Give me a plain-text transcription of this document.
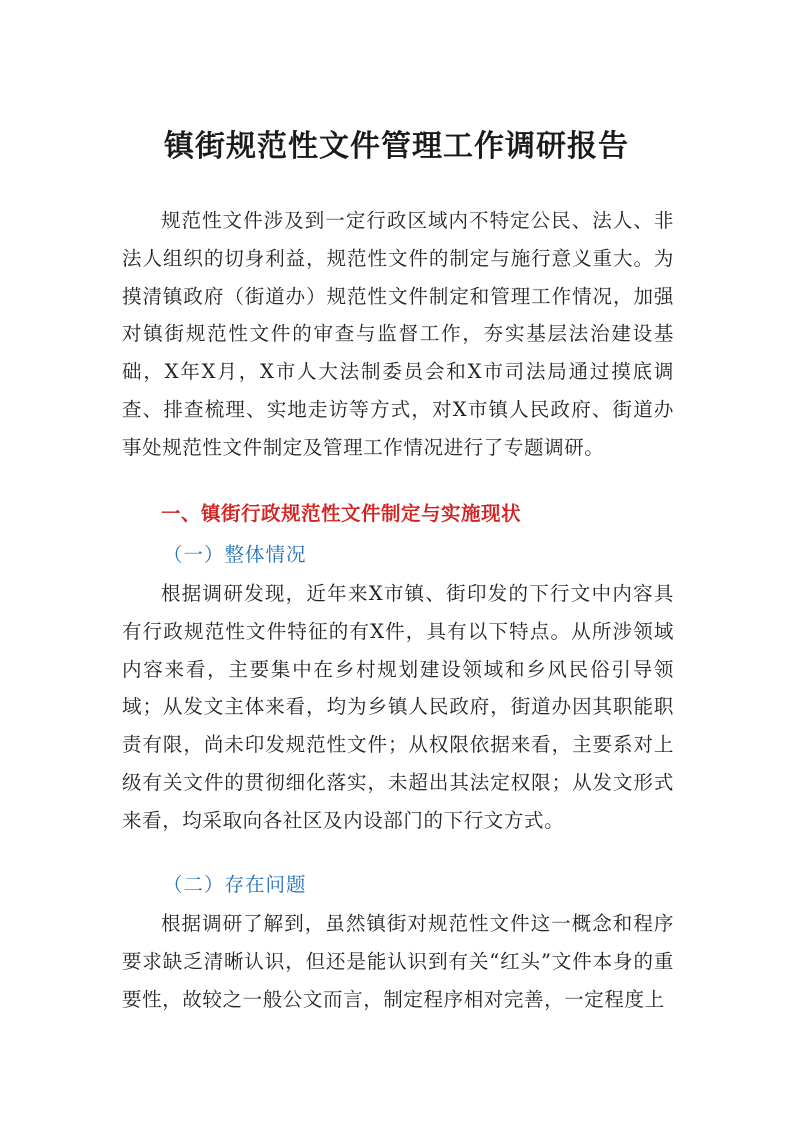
镇街规范性文件管理工作调研报告
规范性文件涉及到一定行政区域内不特定公民、法人、非法人组织的切身利益，规范性文件的制定与施行意义重大。为摸清镇政府（街道办）规范性文件制定和管理工作情况，加强对镇街规范性文件的审查与监督工作，夯实基层法治建设基础，X年X月，X市人大法制委员会和X市司法局通过摸底调查、排查梳理、实地走访等方式，对X市镇人民政府、街道办事处规范性文件制定及管理工作情况进行了专题调研。
一、镇街行政规范性文件制定与实施现状
（一）整体情况
根据调研发现，近年来X市镇、街印发的下行文中内容具有行政规范性文件特征的有X件，具有以下特点。从所涉领域内容来看，主要集中在乡村规划建设领域和乡风民俗引导领域；从发文主体来看，均为乡镇人民政府，街道办因其职能职责有限，尚未印发规范性文件；从权限依据来看，主要系对上级有关文件的贯彻细化落实，未超出其法定权限；从发文形式来看，均采取向各社区及内设部门的下行文方式。
（二）存在问题
根据调研了解到，虽然镇街对规范性文件这一概念和程序要求缺乏清晰认识，但还是能认识到有关“红头”文件本身的重要性，故较之一般公文而言，制定程序相对完善，一定程度上
